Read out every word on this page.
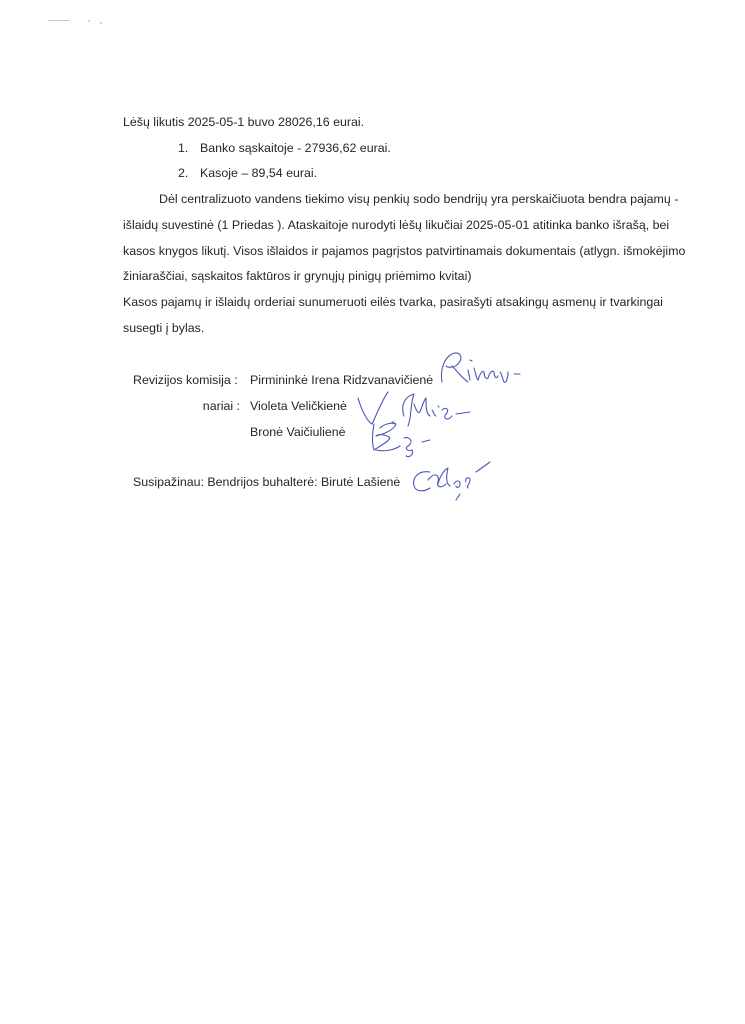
Lėšų likutis 2025-05-1 buvo 28026,16 eurai.
1. Banko sąskaitoje - 27936,62 eurai.
2. Kasoje – 89,54 eurai.
Dėl centralizuoto vandens tiekimo visų penkių sodo bendrijų yra perskaičiuota bendra pajamų -
išlaidų suvestinė (1 Priedas ). Ataskaitoje nurodyti lėšų likučiai 2025-05-01 atitinka banko išrašą, bei
kasos knygos likutį. Visos išlaidos ir pajamos pagrįstos patvirtinamais dokumentais (atlygn. išmokėjimo
žiniaraščiai, sąskaitos faktūros ir grynųjų pinigų priėmimo kvitai)
Kasos pajamų ir išlaidų orderiai sunumeruoti eilės tvarka, pasirašyti atsakingų asmenų ir tvarkingai
susegti į bylas.
Revizijos komisija : Pirmininkė Irena Ridzvanavičienė
nariai : Violeta Veličkienė
Bronė Vaičiulienė
Susipažinau: Bendrijos buhalterė: Birutė Lašienė
